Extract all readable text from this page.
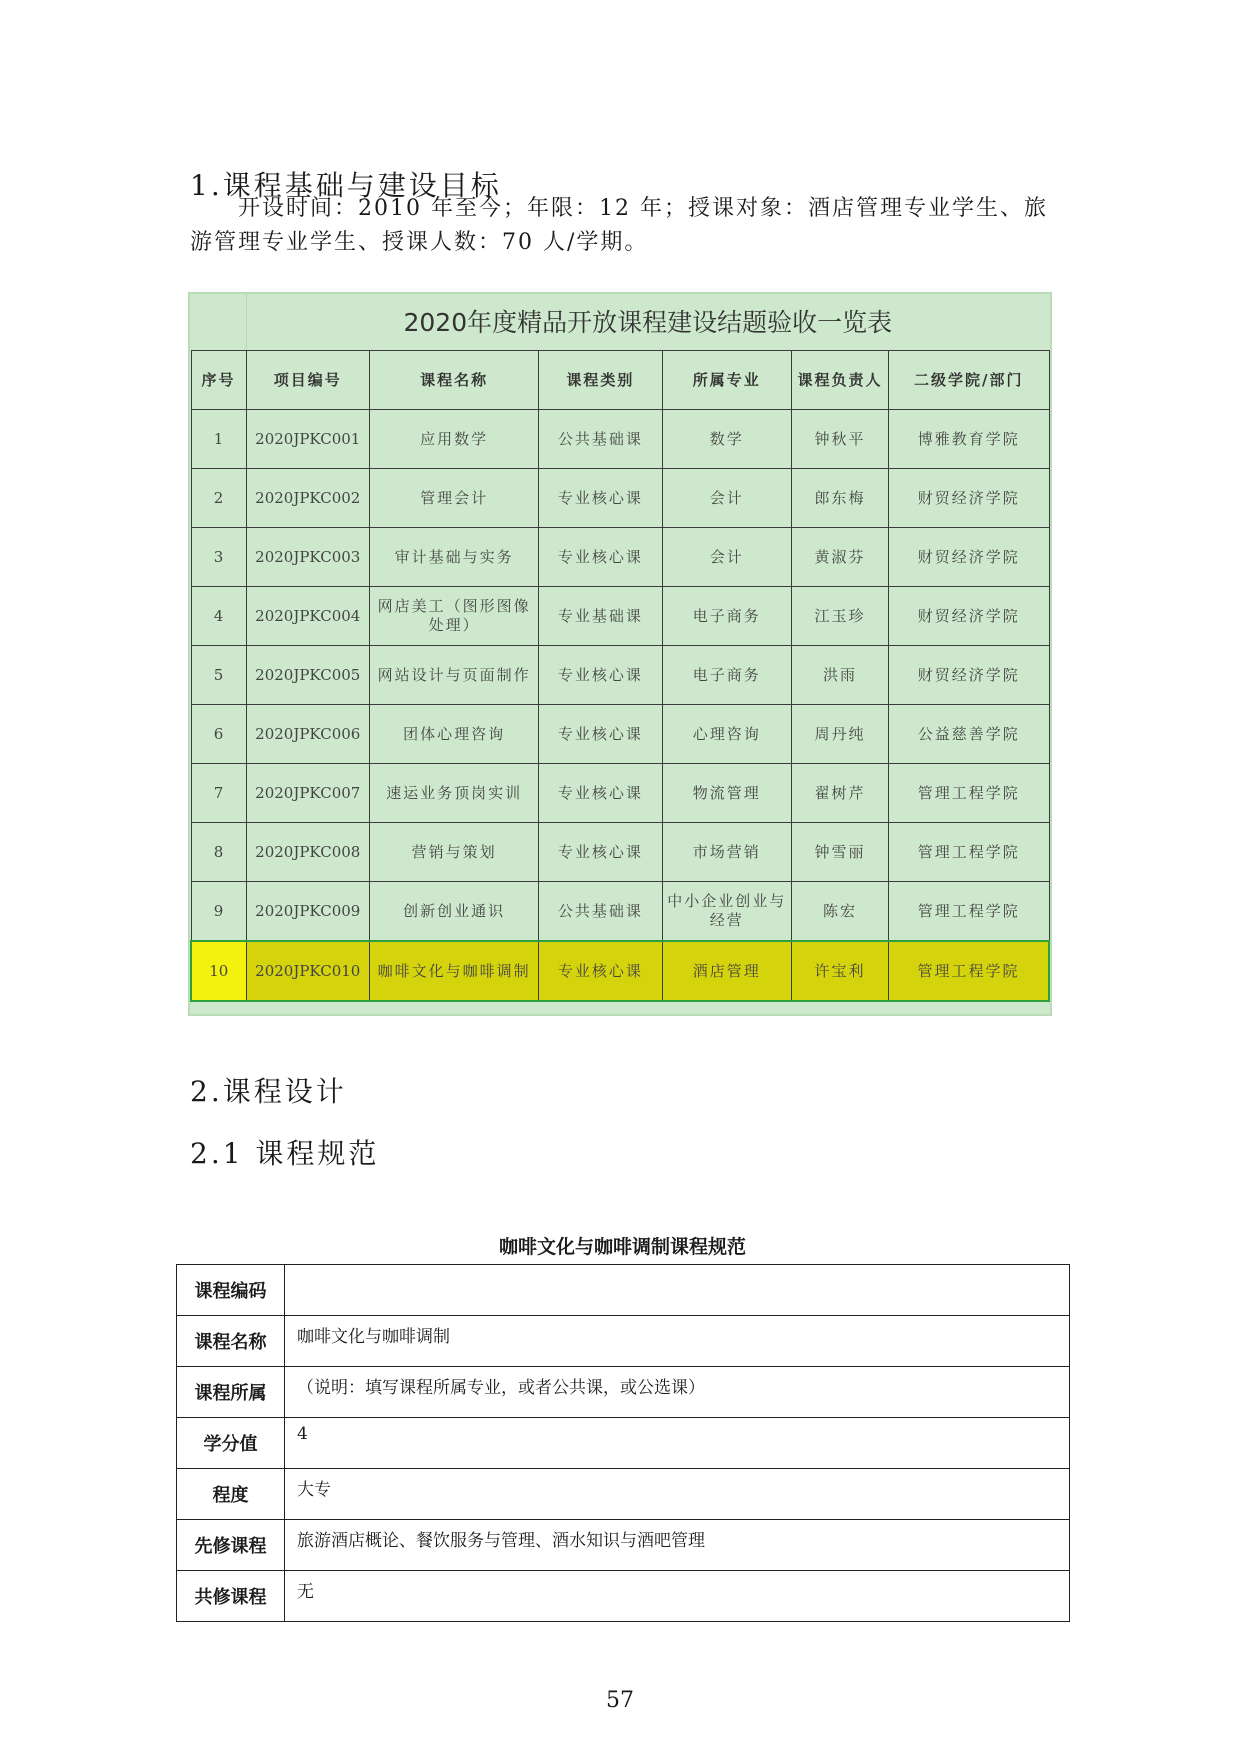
1.课程基础与建设目标
开设时间：2010 年至今；年限：12 年；授课对象：酒店管理专业学生、旅
游管理专业学生、授课人数：70 人/学期。
	2020年度精品开放课程建设结题验收一览表					
序号	项目编号	课程名称	课程类别	所属专业	课程负责人	二级学院/部门
1	2020JPKC001	应用数学	公共基础课	数学	钟秋平	博雅教育学院
2	2020JPKC002	管理会计	专业核心课	会计	郎东梅	财贸经济学院
3	2020JPKC003	审计基础与实务	专业核心课	会计	黄淑芬	财贸经济学院
4	2020JPKC004	网店美工（图形图像处理）	专业基础课	电子商务	江玉珍	财贸经济学院
5	2020JPKC005	网站设计与页面制作	专业核心课	电子商务	洪雨	财贸经济学院
6	2020JPKC006	团体心理咨询	专业核心课	心理咨询	周丹纯	公益慈善学院
7	2020JPKC007	速运业务顶岗实训	专业核心课	物流管理	翟树芹	管理工程学院
8	2020JPKC008	营销与策划	专业核心课	市场营销	钟雪丽	管理工程学院
9	2020JPKC009	创新创业通识	公共基础课	中小企业创业与经营	陈宏	管理工程学院
10	2020JPKC010	咖啡文化与咖啡调制	专业核心课	酒店管理	许宝利	管理工程学院
2.课程设计
2.1 课程规范
咖啡文化与咖啡调制课程规范
课程编码	
课程名称	咖啡文化与咖啡调制
课程所属	（说明：填写课程所属专业，或者公共课，或公选课）
学分值	4
程度	大专
先修课程	旅游酒店概论、餐饮服务与管理、酒水知识与酒吧管理
共修课程	无
57
